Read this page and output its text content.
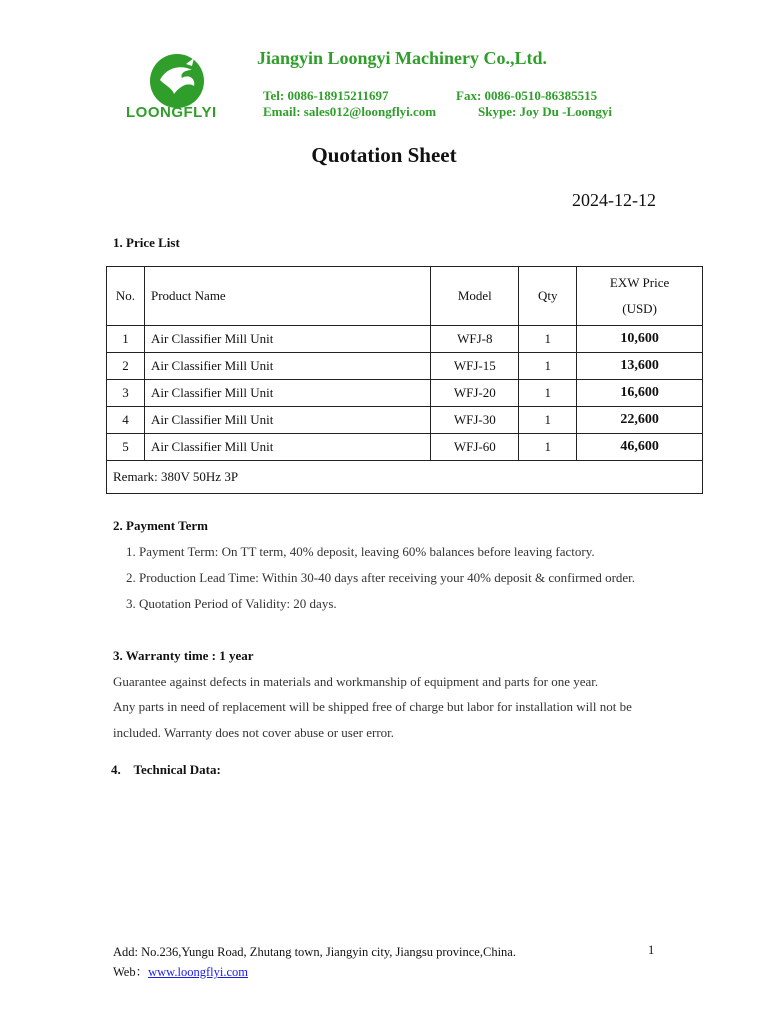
LOONGFLYI
Jiangyin Loongyi Machinery Co.,Ltd.
Tel: 0086-18915211697	Fax: 0086-0510-86385515
Email: sales012@loongflyi.com	Skype: Joy Du -Loongyi
Quotation Sheet
2024-12-12
1. Price List
No.	Product Name	Model	Qty	EXW Price
(USD)

1	Air Classifier Mill Unit	WFJ-8	1	10,600
2	Air Classifier Mill Unit	WFJ-15	1	13,600
3	Air Classifier Mill Unit	WFJ-20	1	16,600
4	Air Classifier Mill Unit	WFJ-30	1	22,600
5	Air Classifier Mill Unit	WFJ-60	1	46,600
Remark: 380V 50Hz 3P				
2. Payment Term
1. Payment Term: On TT term, 40% deposit, leaving 60% balances before leaving factory.
2. Production Lead Time: Within 30-40 days after receiving your 40% deposit & confirmed order.
3. Quotation Period of Validity: 20 days.
3. Warranty time : 1 year
Guarantee against defects in materials and workmanship of equipment and parts for one year.
Any parts in need of replacement will be shipped free of charge but labor for installation will not be
included. Warranty does not cover abuse or user error.
4.    Technical Data:
Add: No.236,Yungu Road, Zhutang town, Jiangyin city, Jiangsu province,China.
Web：www.loongflyi.com
1
